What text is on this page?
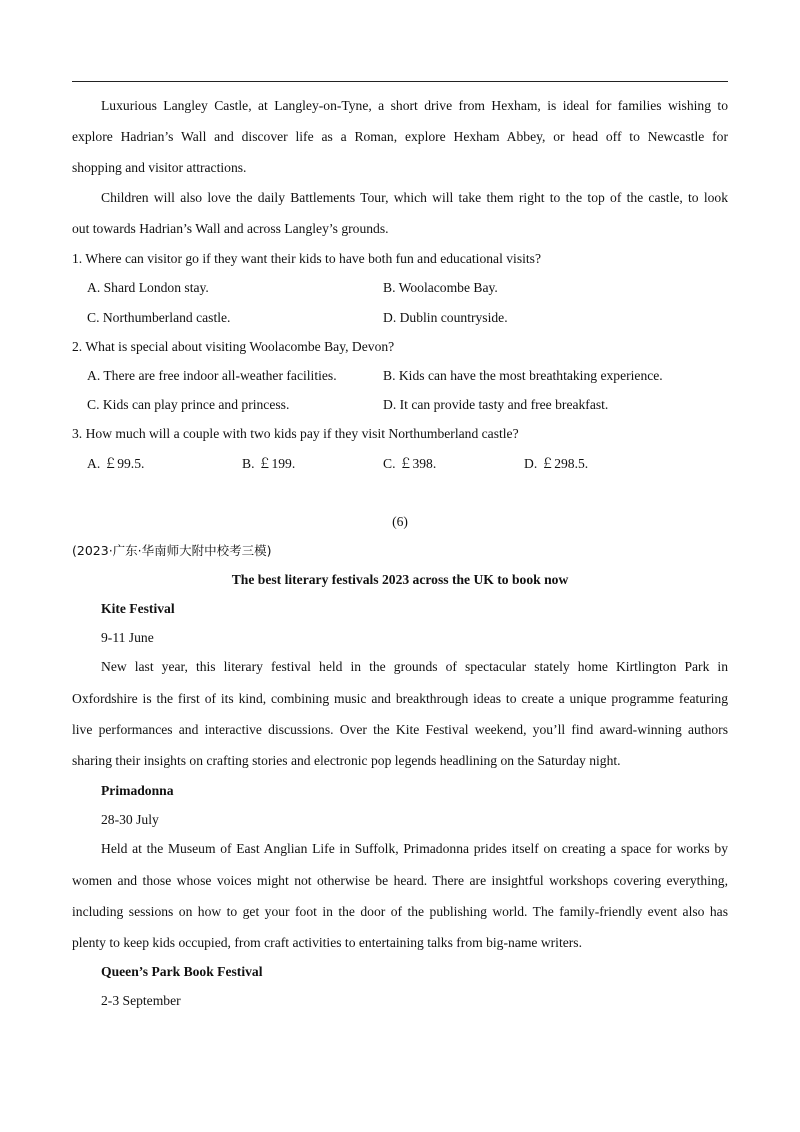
Luxurious Langley Castle, at Langley-on-Tyne, a short drive from Hexham, is ideal for families wishing to
explore Hadrian’s Wall and discover life as a Roman, explore Hexham Abbey, or head off to Newcastle for
shopping and visitor attractions.
Children will also love the daily Battlements Tour, which will take them right to the top of the castle, to look
out towards Hadrian’s Wall and across Langley’s grounds.
1. Where can visitor go if they want their kids to have both fun and educational visits?
A. Shard London stay.	B. Woolacombe Bay.
C. Northumberland castle.	D. Dublin countryside.
2. What is special about visiting Woolacombe Bay, Devon?
A. There are free indoor all-weather facilities.	B. Kids can have the most breathtaking experience.
C. Kids can play prince and princess.	D. It can provide tasty and free breakfast.
3. How much will a couple with two kids pay if they visit Northumberland castle?
A. ￡99.5.	B. ￡199.	C. ￡398.	D. ￡298.5.
(6)
(2023·广东·华南师大附中校考三模)
The best literary festivals 2023 across the UK to book now
Kite Festival
9-11 June
New last year, this literary festival held in the grounds of spectacular stately home Kirtlington Park in
Oxfordshire is the first of its kind, combining music and breakthrough ideas to create a unique programme featuring
live performances and interactive discussions. Over the Kite Festival weekend, you’ll find award-winning authors
sharing their insights on crafting stories and electronic pop legends headlining on the Saturday night.
Primadonna
28-30 July
Held at the Museum of East Anglian Life in Suffolk, Primadonna prides itself on creating a space for works by
women and those whose voices might not otherwise be heard. There are insightful workshops covering everything,
including sessions on how to get your foot in the door of the publishing world. The family-friendly event also has
plenty to keep kids occupied, from craft activities to entertaining talks from big-name writers.
Queen’s Park Book Festival
2-3 September
